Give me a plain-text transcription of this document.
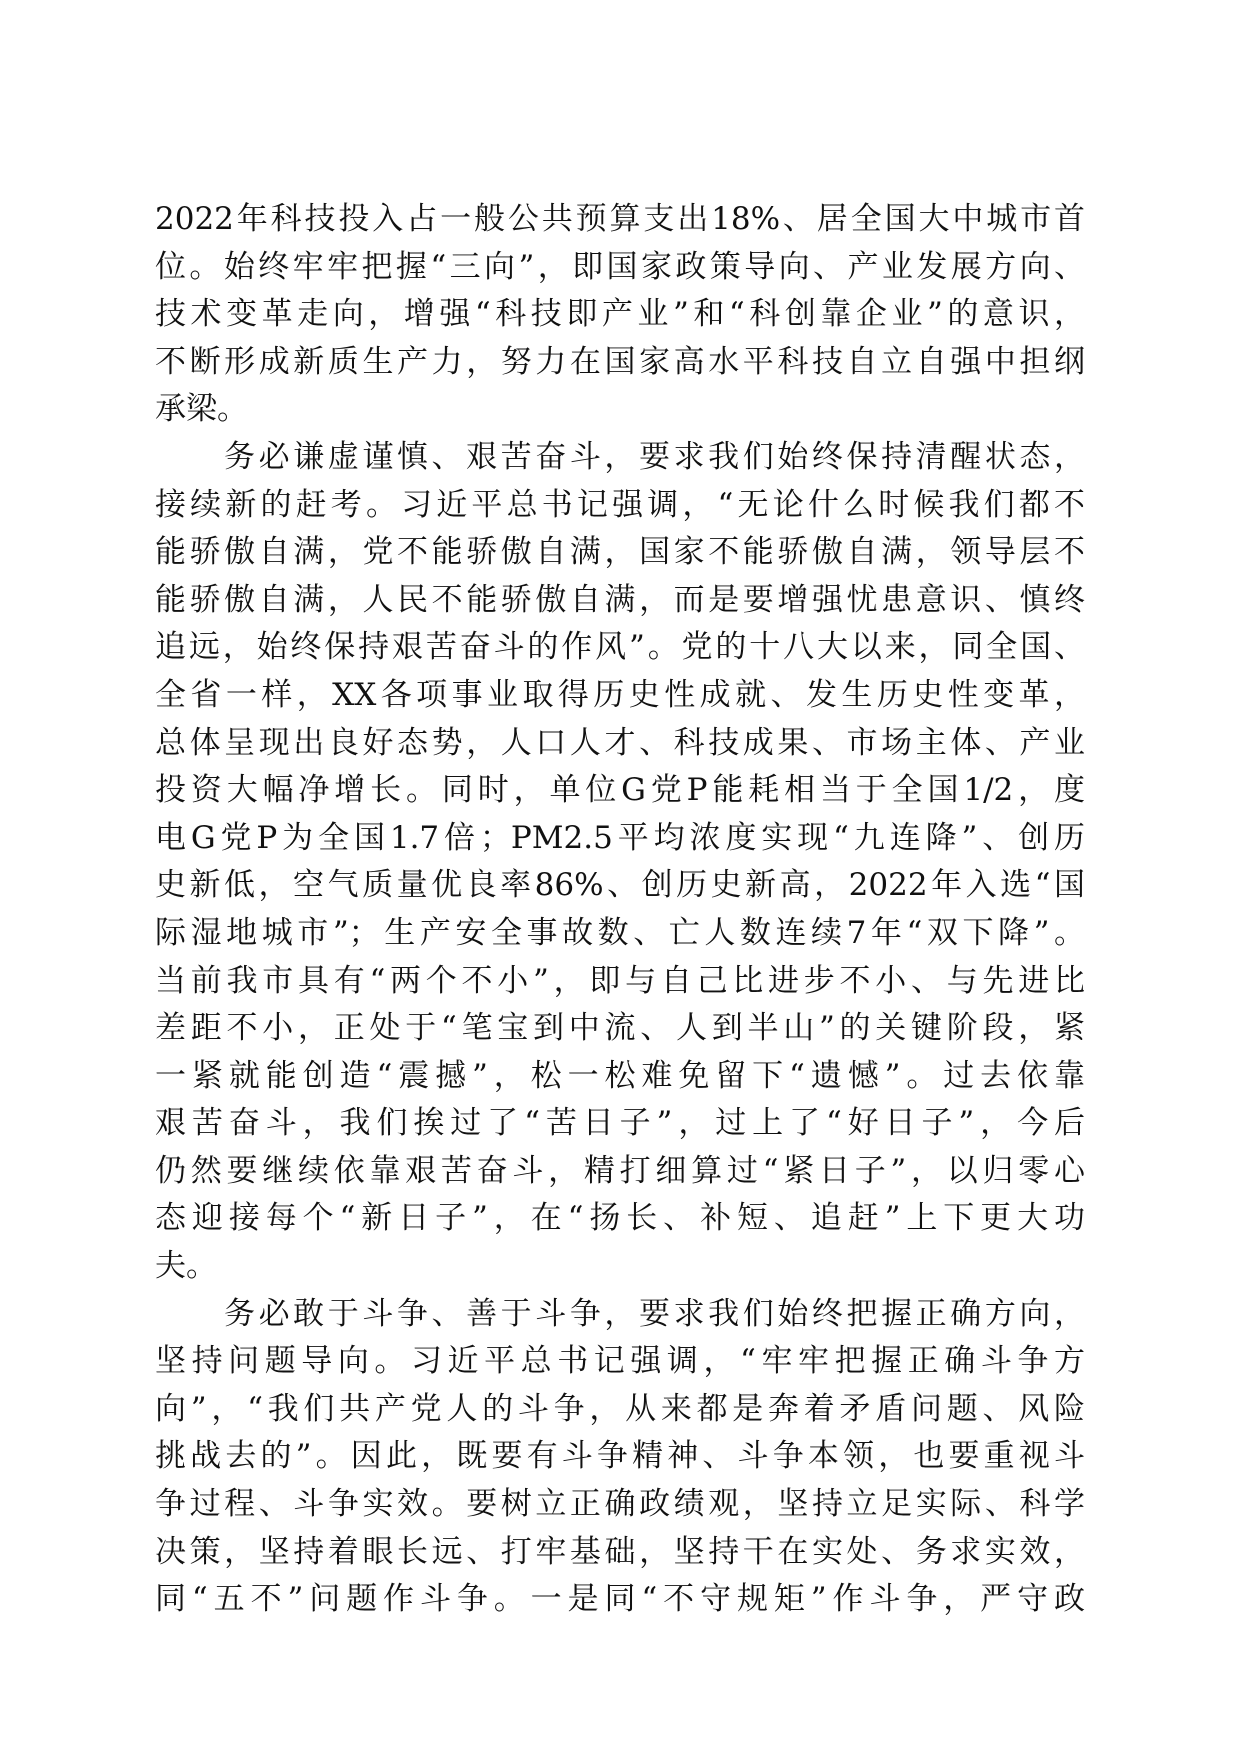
2022年科技投入占一般公共预算支出18%、居全国大中城市首
位。始终牢牢把握“三向”，即国家政策导向、产业发展方向、
技术变革走向，增强“科技即产业”和“科创靠企业”的意识，
不断形成新质生产力，努力在国家高水平科技自立自强中担纲
承梁。
务必谦虚谨慎、艰苦奋斗，要求我们始终保持清醒状态，
接续新的赶考。习近平总书记强调，“无论什么时候我们都不
能骄傲自满，党不能骄傲自满，国家不能骄傲自满，领导层不
能骄傲自满，人民不能骄傲自满，而是要增强忧患意识、慎终
追远，始终保持艰苦奋斗的作风”。党的十八大以来，同全国、
全省一样，XX各项事业取得历史性成就、发生历史性变革，
总体呈现出良好态势，人口人才、科技成果、市场主体、产业
投资大幅净增长。同时，单位G党P能耗相当于全国1/2，度
电G党P为全国1.7倍；PM2.5平均浓度实现“九连降”、创历
史新低，空气质量优良率86%、创历史新高，2022年入选“国
际湿地城市”；生产安全事故数、亡人数连续7年“双下降”。
当前我市具有“两个不小”，即与自己比进步不小、与先进比
差距不小，正处于“笔宝到中流、人到半山”的关键阶段，紧
一紧就能创造“震撼”，松一松难免留下“遗憾”。过去依靠
艰苦奋斗，我们挨过了“苦日子”，过上了“好日子”，今后
仍然要继续依靠艰苦奋斗，精打细算过“紧日子”，以归零心
态迎接每个“新日子”，在“扬长、补短、追赶”上下更大功
夫。
务必敢于斗争、善于斗争，要求我们始终把握正确方向，
坚持问题导向。习近平总书记强调，“牢牢把握正确斗争方
向”，“我们共产党人的斗争，从来都是奔着矛盾问题、风险
挑战去的”。因此，既要有斗争精神、斗争本领，也要重视斗
争过程、斗争实效。要树立正确政绩观，坚持立足实际、科学
决策，坚持着眼长远、打牢基础，坚持干在实处、务求实效，
同“五不”问题作斗争。一是同“不守规矩”作斗争，严守政
